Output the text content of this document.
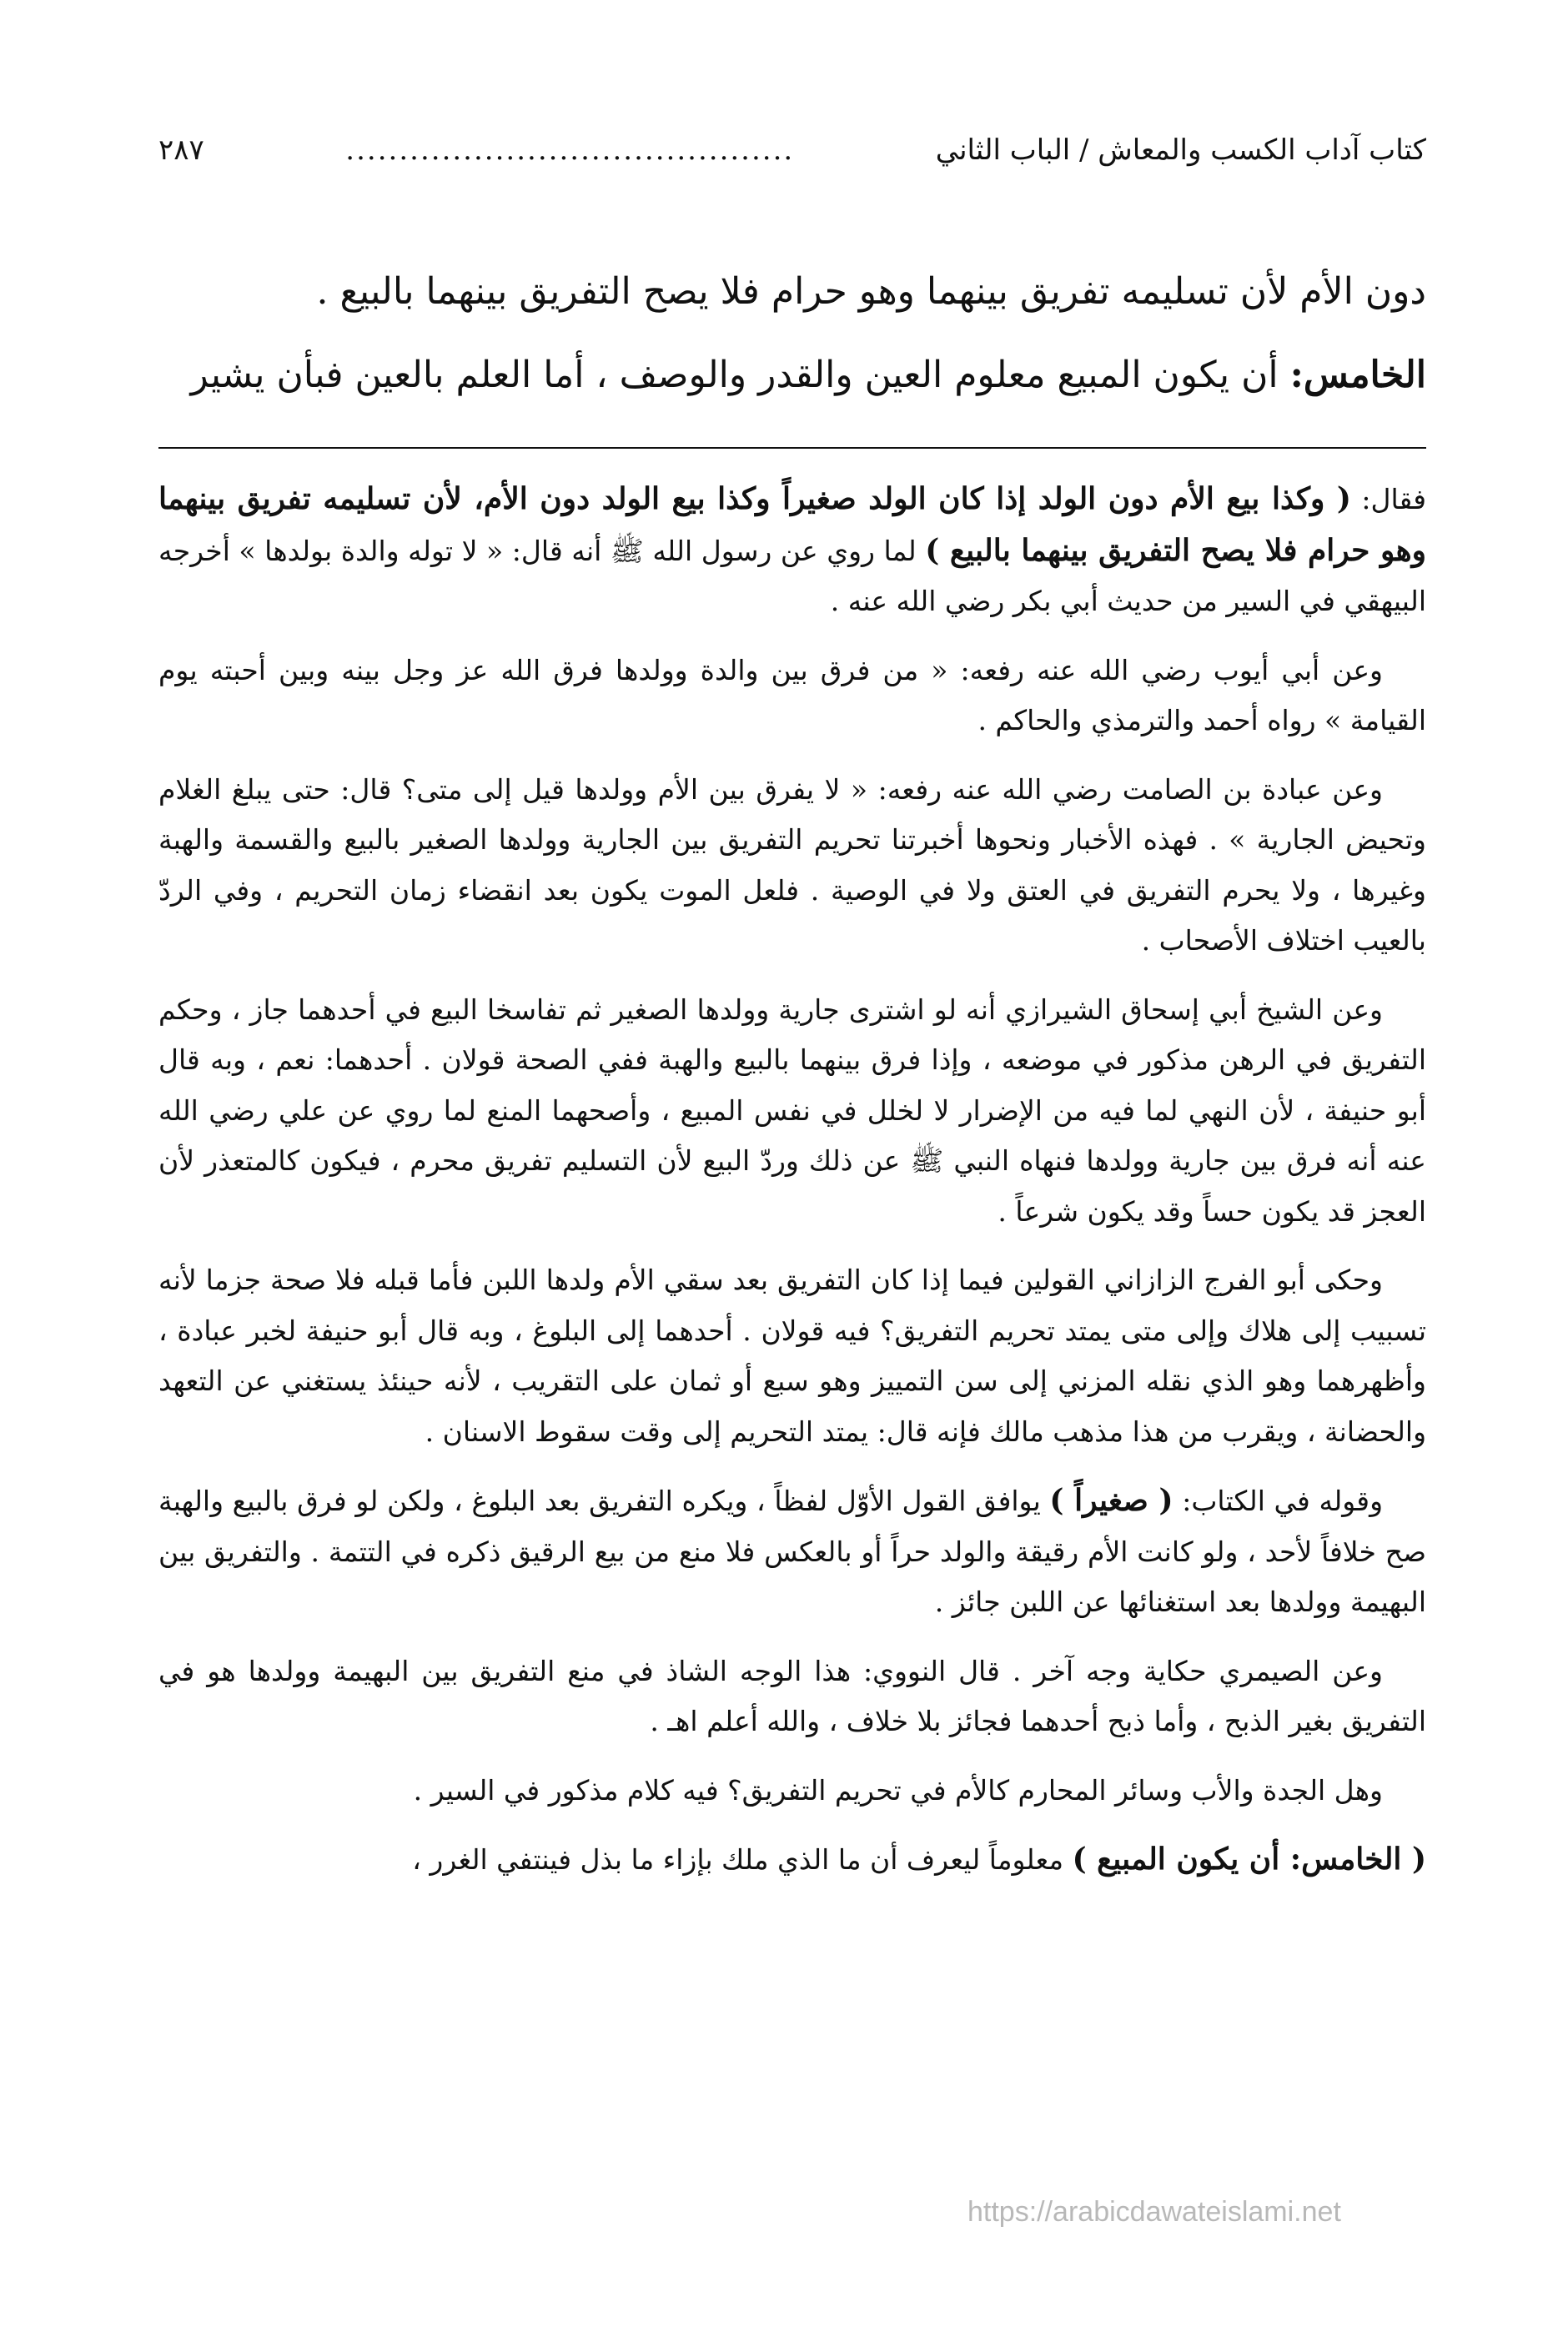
كتاب آداب الكسب والمعاش / الباب الثاني
..........................................
٢٨٧

دون الأم لأن تسليمه تفريق بينهما وهو حرام فلا يصح التفريق بينهما بالبيع .

الخامس: أن يكون المبيع معلوم العين والقدر والوصف ، أما العلم بالعين فبأن يشير

فقال: ( وكذا بيع الأم دون الولد إذا كان الولد صغيراً وكذا بيع الولد دون الأم، لأن تسليمه تفريق بينهما وهو حرام فلا يصح التفريق بينهما بالبيع ) لما روي عن رسول الله ﷺ أنه قال: « لا توله والدة بولدها » أخرجه البيهقي في السير من حديث أبي بكر رضي الله عنه .

وعن أبي أيوب رضي الله عنه رفعه: « من فرق بين والدة وولدها فرق الله عز وجل بينه وبين أحبته يوم القيامة » رواه أحمد والترمذي والحاكم .

وعن عبادة بن الصامت رضي الله عنه رفعه: « لا يفرق بين الأم وولدها قيل إلى متى؟ قال: حتى يبلغ الغلام وتحيض الجارية » . فهذه الأخبار ونحوها أخبرتنا تحريم التفريق بين الجارية وولدها الصغير بالبيع والقسمة والهبة وغيرها ، ولا يحرم التفريق في العتق ولا في الوصية . فلعل الموت يكون بعد انقضاء زمان التحريم ، وفي الردّ بالعيب اختلاف الأصحاب .

وعن الشيخ أبي إسحاق الشيرازي أنه لو اشترى جارية وولدها الصغير ثم تفاسخا البيع في أحدهما جاز ، وحكم التفريق في الرهن مذكور في موضعه ، وإذا فرق بينهما بالبيع والهبة ففي الصحة قولان . أحدهما: نعم ، وبه قال أبو حنيفة ، لأن النهي لما فيه من الإضرار لا لخلل في نفس المبيع ، وأصحهما المنع لما روي عن علي رضي الله عنه أنه فرق بين جارية وولدها فنهاه النبي ﷺ عن ذلك وردّ البيع لأن التسليم تفريق محرم ، فيكون كالمتعذر لأن العجز قد يكون حساً وقد يكون شرعاً .

وحكى أبو الفرج الزازاني القولين فيما إذا كان التفريق بعد سقي الأم ولدها اللبن فأما قبله فلا صحة جزما لأنه تسبيب إلى هلاك وإلى متى يمتد تحريم التفريق؟ فيه قولان . أحدهما إلى البلوغ ، وبه قال أبو حنيفة لخبر عبادة ، وأظهرهما وهو الذي نقله المزني إلى سن التمييز وهو سبع أو ثمان على التقريب ، لأنه حينئذ يستغني عن التعهد والحضانة ، ويقرب من هذا مذهب مالك فإنه قال: يمتد التحريم إلى وقت سقوط الاسنان .

وقوله في الكتاب: ( صغيراً ) يوافق القول الأوّل لفظاً ، ويكره التفريق بعد البلوغ ، ولكن لو فرق بالبيع والهبة صح خلافاً لأحد ، ولو كانت الأم رقيقة والولد حراً أو بالعكس فلا منع من بيع الرقيق ذكره في التتمة . والتفريق بين البهيمة وولدها بعد استغنائها عن اللبن جائز .

وعن الصيمري حكاية وجه آخر . قال النووي: هذا الوجه الشاذ في منع التفريق بين البهيمة وولدها هو في التفريق بغير الذبح ، وأما ذبح أحدهما فجائز بلا خلاف ، والله أعلم اهـ .

وهل الجدة والأب وسائر المحارم كالأم في تحريم التفريق؟ فيه كلام مذكور في السير .

( الخامس: أن يكون المبيع ) معلوماً ليعرف أن ما الذي ملك بإزاء ما بذل فينتفي الغرر ،

https://arabicdawateislami.net
